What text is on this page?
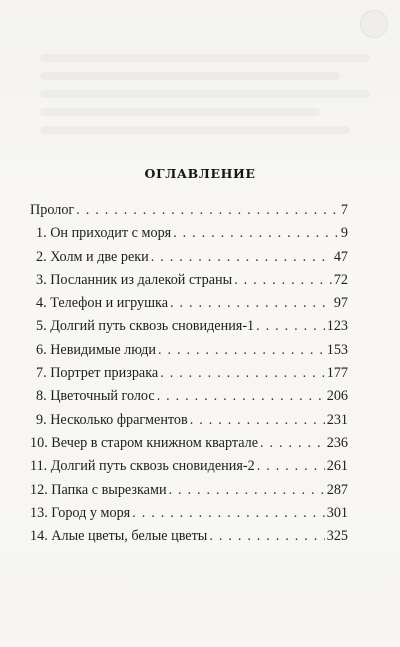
ОГЛАВЛЕНИЕ
Пролог . . .	7
1. Он приходит с моря . . .	9
2. Холм и две реки . . .	47
3. Посланник из далекой страны . . .	72
4. Телефон и игрушка . . .	97
5. Долгий путь сквозь сновидения-1 . . .	123
6. Невидимые люди . . .	153
7. Портрет призрака . . .	177
8. Цветочный голос . . .	206
9. Несколько фрагментов . . .	231
10. Вечер в старом книжном квартале . . .	236
11. Долгий путь сквозь сновидения-2 . . .	261
12. Папка с вырезками . . .	287
13. Город у моря . . .	301
14. Алые цветы, белые цветы . . .	325
